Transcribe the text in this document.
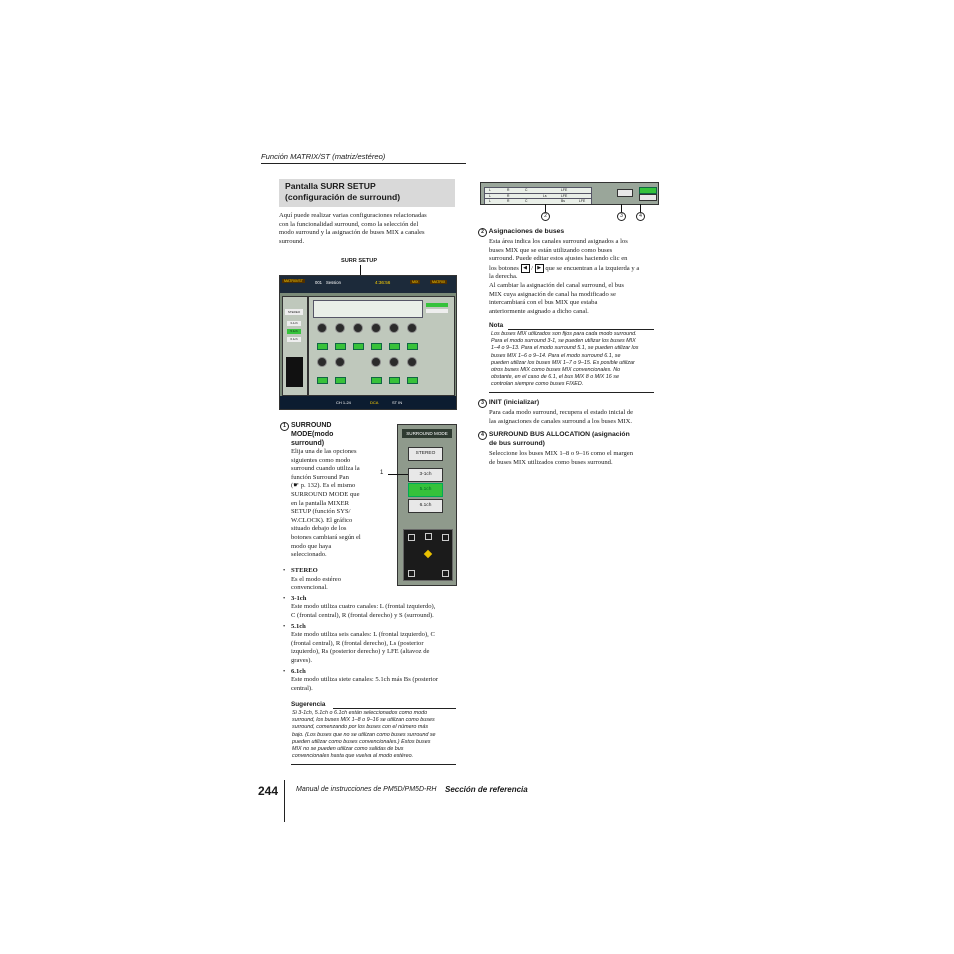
Función MATRIX/ST (matriz/estéreo)
Pantalla SURR SETUP
(configuración de surround)
Aquí puede realizar varias configuraciones relacionadas
con la funcionalidad surround, como la selección del
modo surround y la asignación de buses MIX a canales
surround.
SURR SETUP
MATRIX/ST	001 Session	4:36:56	MIX	MATRIX
STEREO
3-1ch
5.1ch
6.1ch
CH 1-24	DCA	ST IN
1 SURROUND
MODE(modo
surround)
Elija una de las opciones
siguientes como modo
surround cuando utiliza la
función Surround Pan
(☛ p. 132). Es el mismo
SURROUND MODE que
en la pantalla MIXER
SETUP (función SYS/
W.CLOCK). El gráfico
situado debajo de los
botones cambiará según el
modo que haya
seleccionado.
SURROUND MODE
STEREO
3-1ch
5.1ch
6.1ch
1
• STEREO
Es el modo estéreo
convencional.
• 3-1ch
Este modo utiliza cuatro canales: L (frontal izquierdo),
C (frontal central), R (frontal derecho) y S (surround).
• 5.1ch
Este modo utiliza seis canales: L (frontal izquierdo), C
(frontal central), R (frontal derecho), Ls (posterior
izquierdo), Rs (posterior derecho) y LFE (altavoz de
graves).
• 6.1ch
Este modo utiliza siete canales: 5.1ch más Bs (posterior
central).
Sugerencia
Si 3-1ch, 5.1ch o 6.1ch están seleccionados como modo
surround, los buses MIX 1–8 o 9–16 se utilizan como buses
surround, comenzando por los buses con el número más
bajo. (Los buses que no se utilizan como buses surround se
pueden utilizar como buses convencionales.) Estos buses
MIX no se pueden utilizar como salidas de bus
convencionales hasta que vuelva al modo estéreo.
L	R	C	LFE
L	R	Ls	LFE
L	R	C	Bs	LFE
2	3	4
2 Asignaciones de buses
Esta área indica los canales surround asignados a los
buses MIX que se están utilizando como buses
surround. Puede editar estos ajustes haciendo clic en
los botones ◀ / ▶ que se encuentran a la izquierda y a
la derecha.
Al cambiar la asignación del canal surround, el bus
MIX cuya asignación de canal ha modificado se
intercambiará con el bus MIX que estaba
anteriormente asignado a dicho canal.
Nota
Los buses MIX utilizados son fijos para cada modo surround.
Para el modo surround 3-1, se pueden utilizar los buses MIX
1–4 o 9–13. Para el modo surround 5.1, se pueden utilizar los
buses MIX 1–6 o 9–14. Para el modo surround 6.1, se
pueden utilizar los buses MIX 1–7 o 9–15. Es posible utilizar
otros buses MIX como buses MIX convencionales. No
obstante, en el caso de 6.1, el bus MIX 8 o MIX 16 se
controlan siempre como buses FIXED.
3 INIT (inicializar)
Para cada modo surround, recupera el estado inicial de
las asignaciones de canales surround a los buses MIX.
4 SURROUND BUS ALLOCATION (asignación
de bus surround)
Seleccione los buses MIX 1–8 o 9–16 como el margen
de buses MIX utilizados como buses surround.
244	Manual de instrucciones de PM5D/PM5D-RH Sección de referencia
